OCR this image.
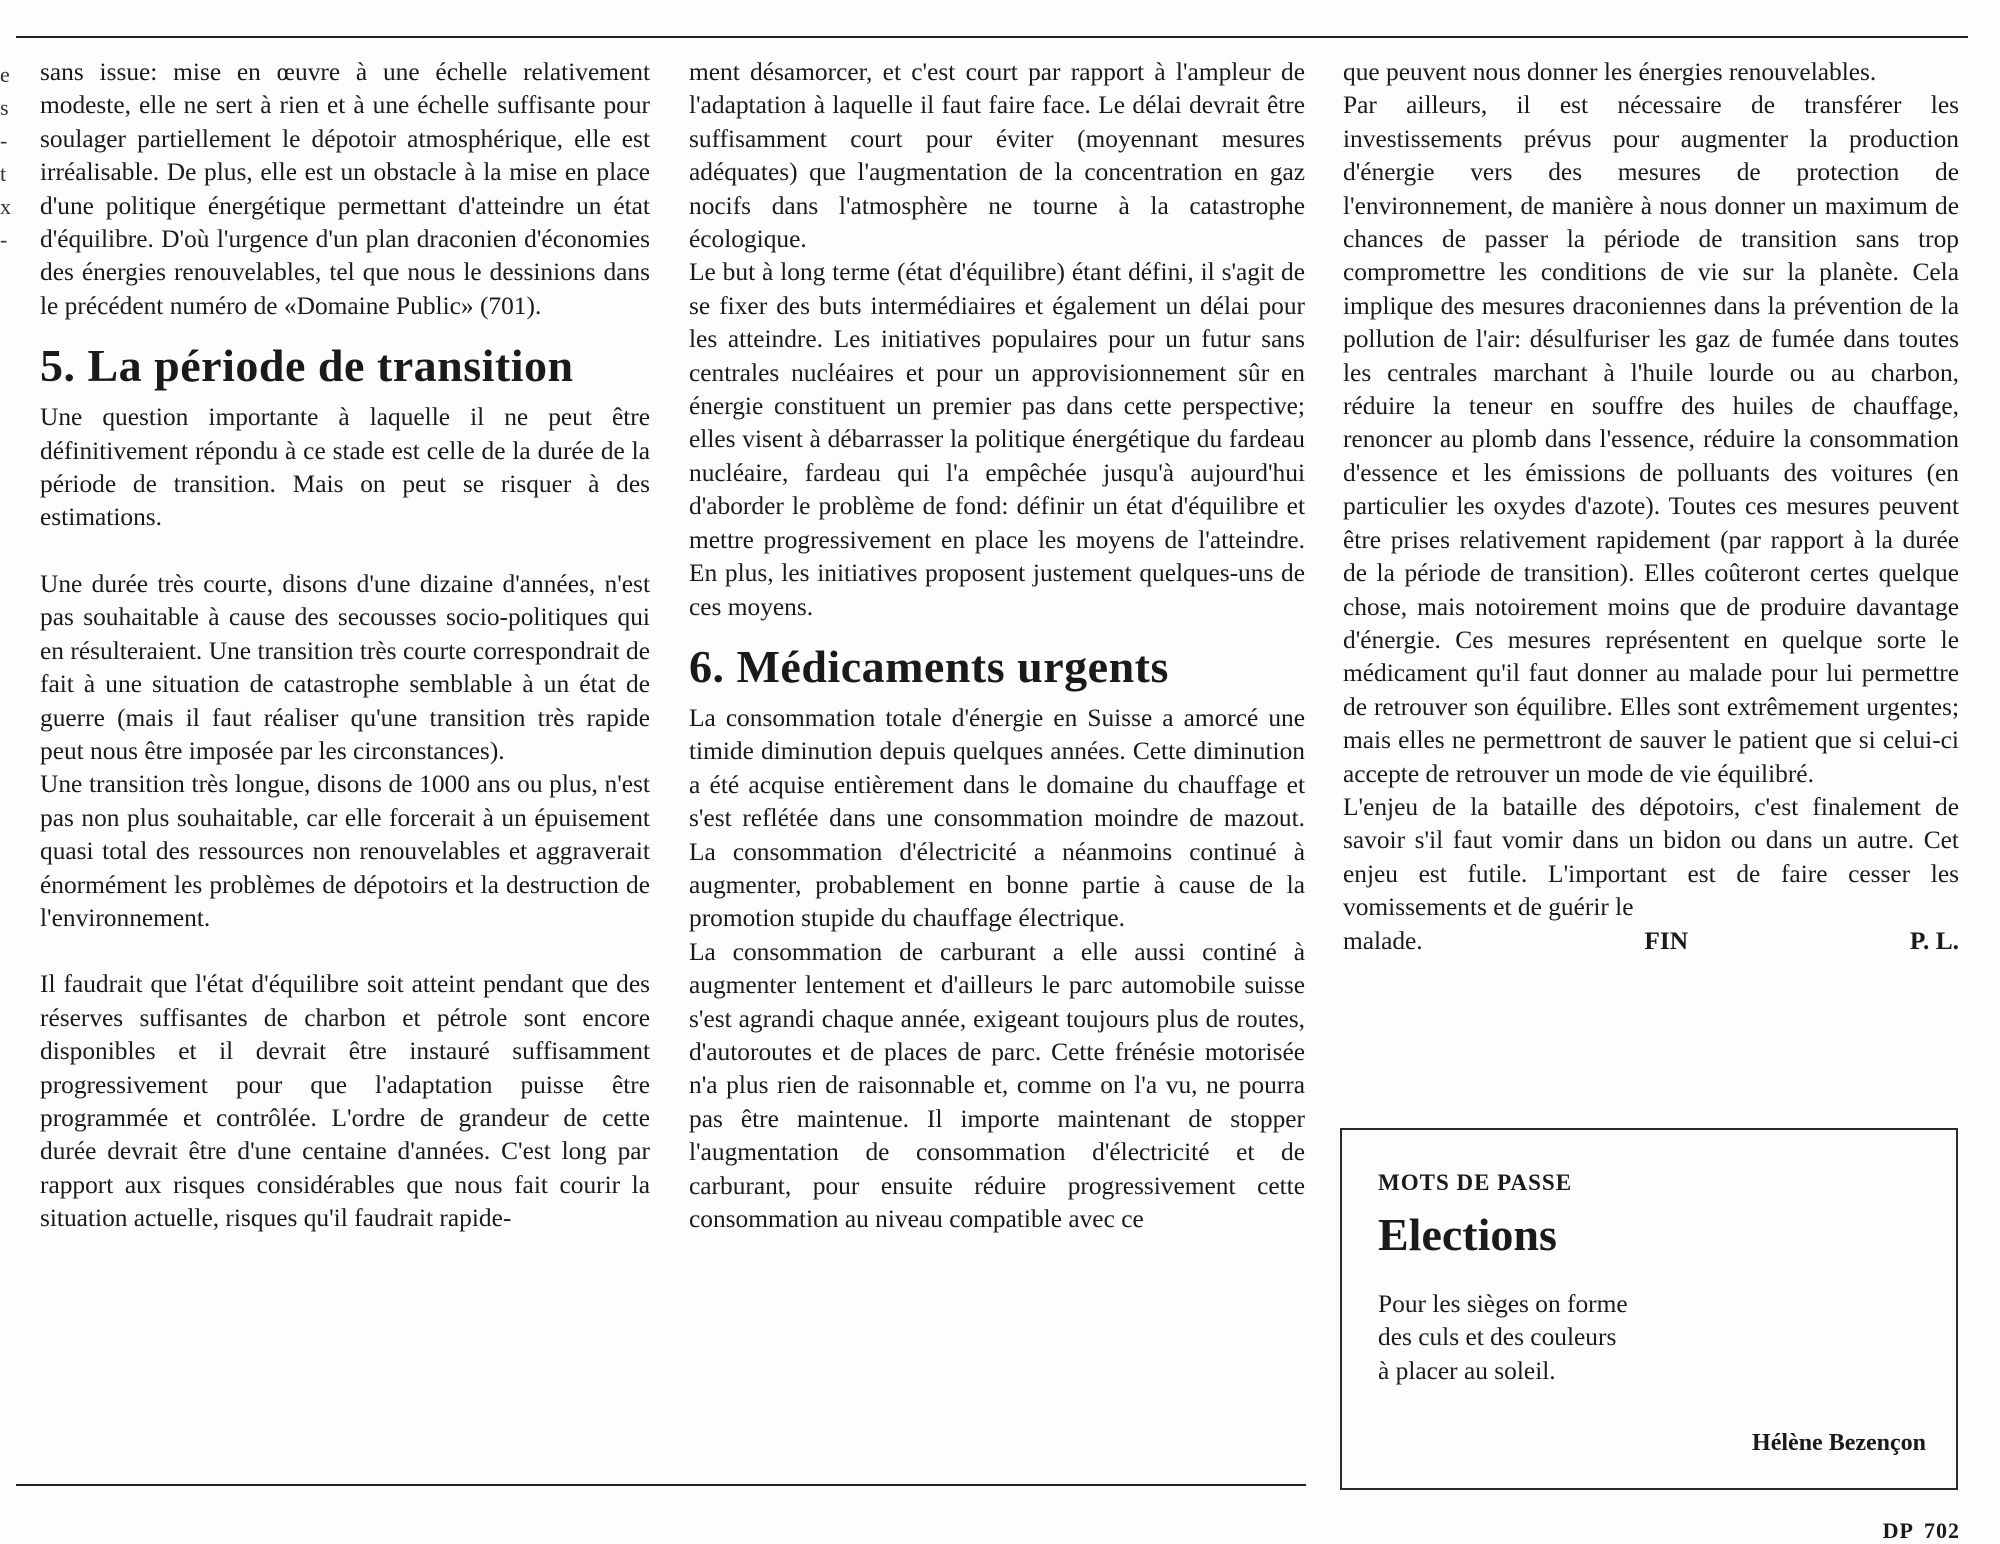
e
s
-
t
x
-

sans issue: mise en œuvre à une échelle relativement modeste, elle ne sert à rien et à une échelle suffisante pour soulager partiellement le dépotoir atmosphérique, elle est irréalisable. De plus, elle est un obstacle à la mise en place d'une politique énergétique permettant d'atteindre un état d'équilibre. D'où l'urgence d'un plan draconien d'économies des énergies renouvelables, tel que nous le dessinions dans le précédent numéro de «Domaine Public» (701).

5. La période de transition

Une question importante à laquelle il ne peut être définitivement répondu à ce stade est celle de la durée de la période de transition. Mais on peut se risquer à des estimations.

Une durée très courte, disons d'une dizaine d'années, n'est pas souhaitable à cause des secousses socio-politiques qui en résulteraient. Une transition très courte correspondrait de fait à une situation de catastrophe semblable à un état de guerre (mais il faut réaliser qu'une transition très rapide peut nous être imposée par les circonstances).

Une transition très longue, disons de 1000 ans ou plus, n'est pas non plus souhaitable, car elle forcerait à un épuisement quasi total des ressources non renouvelables et aggraverait énormément les problèmes de dépotoirs et la destruction de l'environnement.

Il faudrait que l'état d'équilibre soit atteint pendant que des réserves suffisantes de charbon et pétrole sont encore disponibles et il devrait être instauré suffisamment progressivement pour que l'adaptation puisse être programmée et contrôlée. L'ordre de grandeur de cette durée devrait être d'une centaine d'années. C'est long par rapport aux risques considérables que nous fait courir la situation actuelle, risques qu'il faudrait rapide-

ment désamorcer, et c'est court par rapport à l'ampleur de l'adaptation à laquelle il faut faire face. Le délai devrait être suffisamment court pour éviter (moyennant mesures adéquates) que l'augmentation de la concentration en gaz nocifs dans l'atmosphère ne tourne à la catastrophe écologique.

Le but à long terme (état d'équilibre) étant défini, il s'agit de se fixer des buts intermédiaires et également un délai pour les atteindre. Les initiatives populaires pour un futur sans centrales nucléaires et pour un approvisionnement sûr en énergie constituent un premier pas dans cette perspective; elles visent à débarrasser la politique énergétique du fardeau nucléaire, fardeau qui l'a empêchée jusqu'à aujourd'hui d'aborder le problème de fond: définir un état d'équilibre et mettre progressivement en place les moyens de l'atteindre. En plus, les initiatives proposent justement quelques-uns de ces moyens.

6. Médicaments urgents

La consommation totale d'énergie en Suisse a amorcé une timide diminution depuis quelques années. Cette diminution a été acquise entièrement dans le domaine du chauffage et s'est reflétée dans une consommation moindre de mazout. La consommation d'électricité a néanmoins continué à augmenter, probablement en bonne partie à cause de la promotion stupide du chauffage électrique.

La consommation de carburant a elle aussi continé à augmenter lentement et d'ailleurs le parc automobile suisse s'est agrandi chaque année, exigeant toujours plus de routes, d'autoroutes et de places de parc. Cette frénésie motorisée n'a plus rien de raisonnable et, comme on l'a vu, ne pourra pas être maintenue. Il importe maintenant de stopper l'augmentation de consommation d'électricité et de carburant, pour ensuite réduire progressivement cette consommation au niveau compatible avec ce

que peuvent nous donner les énergies renouvelables.

Par ailleurs, il est nécessaire de transférer les investissements prévus pour augmenter la production d'énergie vers des mesures de protection de l'environnement, de manière à nous donner un maximum de chances de passer la période de transition sans trop compromettre les conditions de vie sur la planète. Cela implique des mesures draconiennes dans la prévention de la pollution de l'air: désulfuriser les gaz de fumée dans toutes les centrales marchant à l'huile lourde ou au charbon, réduire la teneur en souffre des huiles de chauffage, renoncer au plomb dans l'essence, réduire la consommation d'essence et les émissions de polluants des voitures (en particulier les oxydes d'azote). Toutes ces mesures peuvent être prises relativement rapidement (par rapport à la durée de la période de transition). Elles coûteront certes quelque chose, mais notoirement moins que de produire davantage d'énergie. Ces mesures représentent en quelque sorte le médicament qu'il faut donner au malade pour lui permettre de retrouver son équilibre. Elles sont extrêmement urgentes; mais elles ne permettront de sauver le patient que si celui-ci accepte de retrouver un mode de vie équilibré.

L'enjeu de la bataille des dépotoirs, c'est finalement de savoir s'il faut vomir dans un bidon ou dans un autre. Cet enjeu est futile. L'important est de faire cesser les vomissements et de guérir le

malade.	FIN	P. L.
MOTS DE PASSE
Elections
Pour les sièges on forme
des culs et des couleurs
à placer au soleil.
Hélène Bezençon
DP 702
